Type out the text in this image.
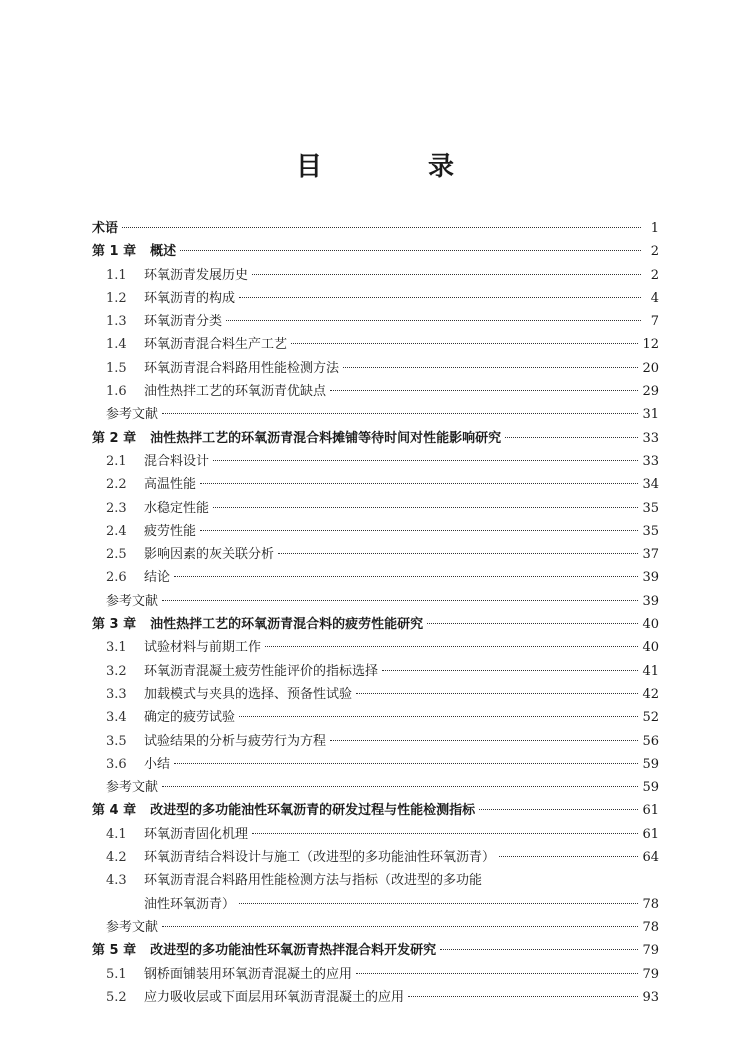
目　录
术语	1
第 1 章 概述	2
1.1	环氧沥青发展历史	2
1.2	环氧沥青的构成	4
1.3	环氧沥青分类	7
1.4	环氧沥青混合料生产工艺	12
1.5	环氧沥青混合料路用性能检测方法	20
1.6	油性热拌工艺的环氧沥青优缺点	29
参考文献	31
第 2 章 油性热拌工艺的环氧沥青混合料摊铺等待时间对性能影响研究	33
2.1	混合料设计	33
2.2	高温性能	34
2.3	水稳定性能	35
2.4	疲劳性能	35
2.5	影响因素的灰关联分析	37
2.6	结论	39
参考文献	39
第 3 章 油性热拌工艺的环氧沥青混合料的疲劳性能研究	40
3.1	试验材料与前期工作	40
3.2	环氧沥青混凝土疲劳性能评价的指标选择	41
3.3	加载模式与夹具的选择、预备性试验	42
3.4	确定的疲劳试验	52
3.5	试验结果的分析与疲劳行为方程	56
3.6	小结	59
参考文献	59
第 4 章 改进型的多功能油性环氧沥青的研发过程与性能检测指标	61
4.1	环氧沥青固化机理	61
4.2	环氧沥青结合料设计与施工（改进型的多功能油性环氧沥青）	64
4.3	环氧沥青混合料路用性能检测方法与指标（改进型的多功能
油性环氧沥青）	78
参考文献	78
第 5 章 改进型的多功能油性环氧沥青热拌混合料开发研究	79
5.1	钢桥面铺装用环氧沥青混凝土的应用	79
5.2	应力吸收层或下面层用环氧沥青混凝土的应用	93
